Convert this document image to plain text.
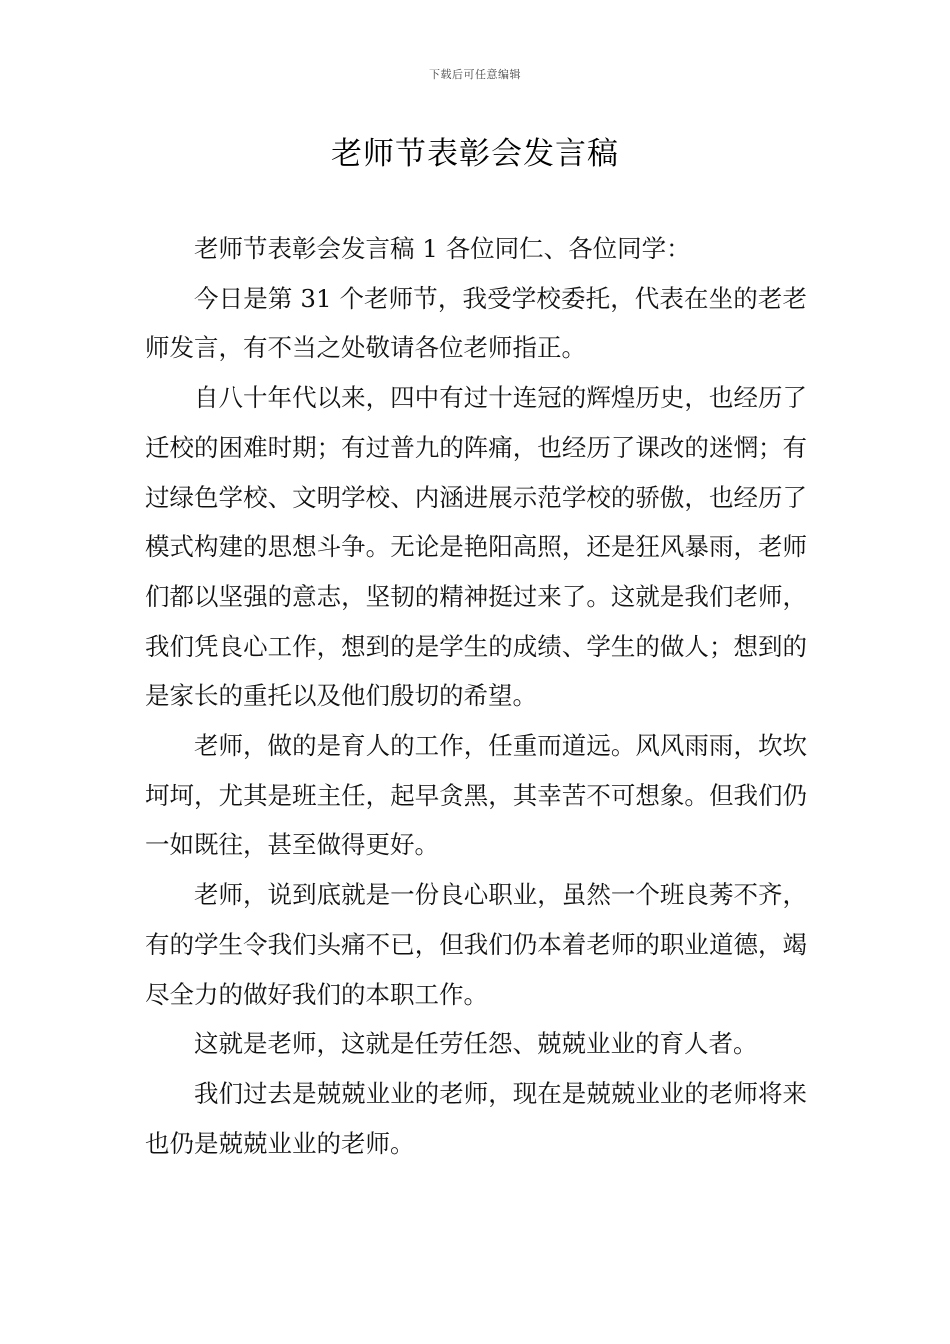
下载后可任意编辑
老师节表彰会发言稿

老师节表彰会发言稿 1 各位同仁、各位同学：

今日是第 31 个老师节，我受学校委托，代表在坐的老老师发言，有不当之处敬请各位老师指正。

自八十年代以来，四中有过十连冠的辉煌历史，也经历了迁校的困难时期；有过普九的阵痛，也经历了课改的迷惘；有过绿色学校、文明学校、内涵进展示范学校的骄傲，也经历了模式构建的思想斗争。无论是艳阳高照，还是狂风暴雨，老师们都以坚强的意志，坚韧的精神挺过来了。这就是我们老师，我们凭良心工作，想到的是学生的成绩、学生的做人；想到的是家长的重托以及他们殷切的希望。

老师，做的是育人的工作，任重而道远。风风雨雨，坎坎坷坷，尤其是班主任，起早贪黑，其幸苦不可想象。但我们仍一如既往，甚至做得更好。

老师，说到底就是一份良心职业，虽然一个班良莠不齐，有的学生令我们头痛不已，但我们仍本着老师的职业道德，竭尽全力的做好我们的本职工作。

这就是老师，这就是任劳任怨、兢兢业业的育人者。

我们过去是兢兢业业的老师，现在是兢兢业业的老师将来也仍是兢兢业业的老师。
